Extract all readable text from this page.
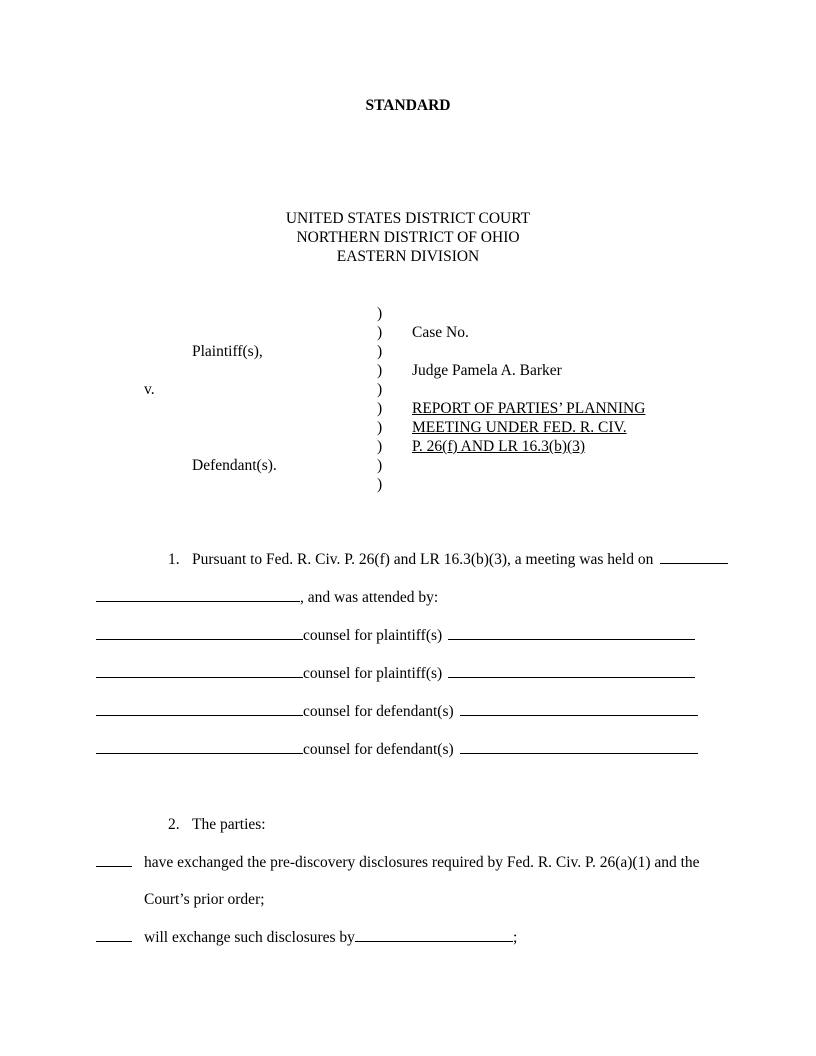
STANDARD
UNITED STATES DISTRICT COURT
NORTHERN DISTRICT OF OHIO
EASTERN DIVISION
)
)
)
)
)
)
)
)
)
)
Plaintiff(s),
v.
Defendant(s).
Case No.
Judge Pamela A. Barker
REPORT OF PARTIES’ PLANNING
MEETING UNDER FED. R. CIV.
P. 26(f) AND LR 16.3(b)(3)
1. Pursuant to Fed. R. Civ. P. 26(f) and LR 16.3(b)(3), a meeting was held on
, and was attended by:
counsel for plaintiff(s)
counsel for plaintiff(s)
counsel for defendant(s)
counsel for defendant(s)
2. The parties:
have exchanged the pre-discovery disclosures required by Fed. R. Civ. P. 26(a)(1) and the
Court’s prior order;
will exchange such disclosures by	;
